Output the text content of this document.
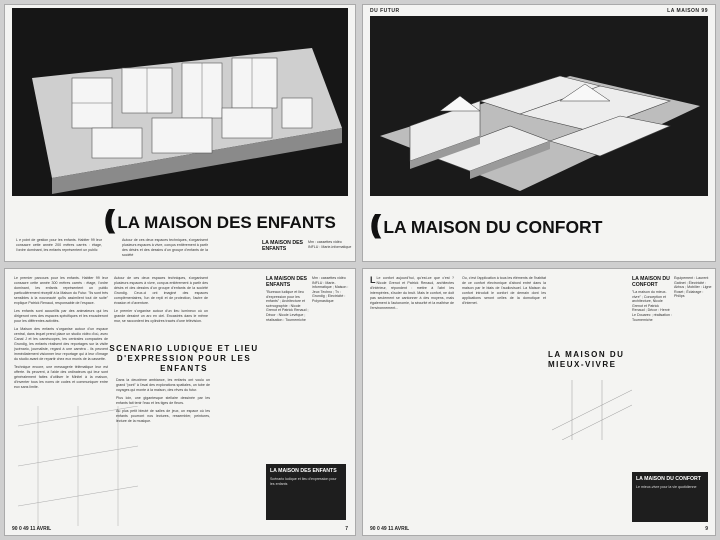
(( LA MAISON DES ENFANTS
L e point de gestion pour les enfants. Habiter 99 leur consacre cette année 200 mètres carrés : étage, l'ordre dominant, les enfants représentent un public
Autour de ces deux espaces techniques, s'organisent plusieurs espaces à vivre, conçus entièrement à partir des désirs et des dessins d'un groupe d'enfants de la société
LA MAISON DES ENFANTS
Mm : cassettes vidéo INFLU : Marie-informatique
DU FUTUR	LA MAISON 99
(( LA MAISON DU CONFORT

Le premier parcours pour les enfants. Habiter 99 leur consacre cette année 300 mètres carrés : étage, l'ordre dominant, les enfants représentent un public particulièrement réceptif à la Maison du Futur. "Ils sont très sensibles à la nouveauté qu'ils assimilent tout de suite" explique Patrick Renaud, responsable de l'espace.

Les enfants sont accueillis par des animateurs qui les dirigeront vers des espaces spécifiques et les encadreront pour les différentes activités.

La Maison des enfants s'organise autour d'un espace central, dans lequel prend place un studio vidéo d'où, avec Canal J et les caméscopes, les centrales compactes de Grundig, les enfants réalisent des reportages sur la visite (scénario, journaliste, regard à une caméra - ils peuvent immédiatement visionner leur reportage qui à leur d'image du studio avant de repartir chez eux munis de la cassette.

Technique encore, une messagerie télématique leur est offerte. Ils peuvent, à l'aide des ordinateurs qui leur sont généralement faites d'utiliser le Minitel à la maison, d'inventer tous les noms de codes et communiquer entre eux sans limite.

Autour de ces deux espaces techniques, s'organisent plusieurs espaces à vivre, conçus entièrement à partir des désirs et des dessins d'un groupe d'enfants de la société Grundig. Ceux-ci ont imaginé des espaces complémentaires, l'un de repli et de protection, l'autre de évasion et d'aventure.

Le premier s'organise autour d'un lieu lumineux où un grande dessiné un arc en ciel. Encastrés dans le même mur, se raccordent les cylindres tracés d'une télévision.

SCENARIO LUDIQUE ET LIEU D'EXPRESSION POUR LES ENFANTS

Dans la deuxième ambiance, les enfants ont voulu un grand "pont" à l'aval des explorations spatiales, un tube de voyages qui monte à la maison, des rêves du futur.

Plus loin, une gigantesque stellaire dessinée par les enfants fait tenir l'eau et les tiges de fleurs.

Au plus petit bleuté de salles de jeux, un espace où les enfants pourront nos lectures, ressembler, peintures, lecture de la musique.

LA MAISON DES ENFANTS
"Bureaux ludique et lieu d'expression pour les enfants" ; Architecture et scénographie : Nicole Grenot et Patrick Renaud ; Décor : Nicole Levêque ; réalisation : Tournemiche
Mm : cassettes vidéo INFLU : Marie-informatique ; Maison : Jeux Techno ; Tv : Grundig ; Electricité : Polymastique
LA MAISON DES ENFANTS
Scénario ludique et lieu d'expression pour les enfants
90 0 49 11 AVRIL	7
L Le confort aujourd'hui, qu'est-ce que c'est ? Nicole Grenot et Patrick Renaud, architectes d'intérieur, répondent : mettre à l'abri les intempéries, s'isoler du bruit. Mais le confort, ne doit pas seulement se cantonner à des moyens, mais également à l'autonomie, la sécurité et la maîtrise de l'environnement...
Ou, c'est l'application à tous les éléments de l'habitat de ce confort électronique d'abord entré dans la maison par le biais de l'audiovisuel. La Maison du confort introduit le confort de demain dont les applications seront celles de la domotique et d'internet.
LA MAISON DU MIEUX-VIVRE
LA MAISON DU CONFORT
"La maison du mieux-vivre" ; Conception et architecture, Nicole Grenot et Patrick Renaud ; Décor : Hervé Le Douarec ; réalisation : Tournemiche
Équipement : Laurent Gatinet ; Électricité : Airbus ; Mobilier : Ligne Roset ; Éclairage : Philips
LA MAISON DU CONFORT
Le mieux-vivre pour la vie quotidienne
90 0 49 11 AVRIL	9
